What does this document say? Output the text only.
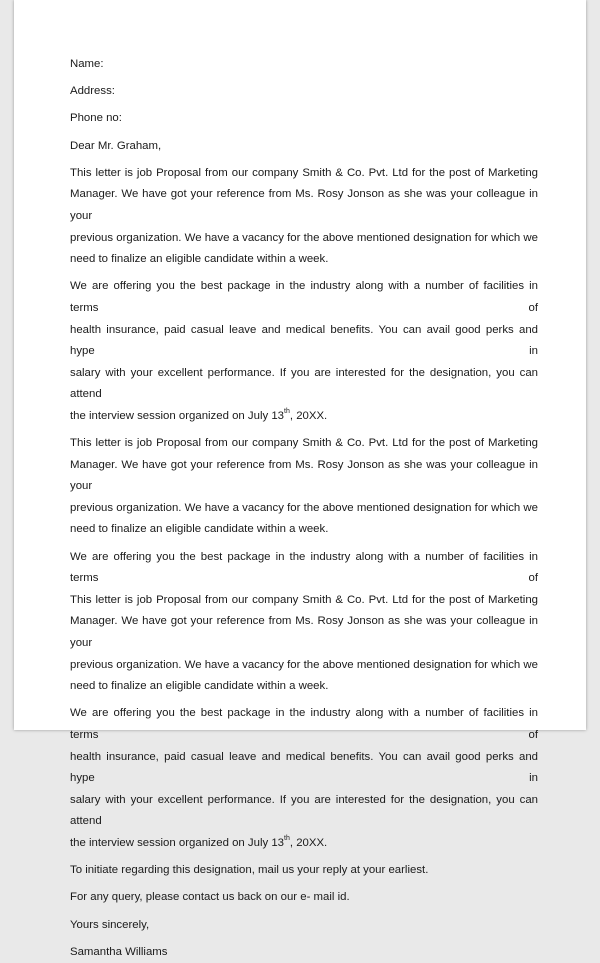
Name:
Address:
Phone no:
Dear Mr. Graham,
This letter is job Proposal from our company Smith & Co. Pvt. Ltd for the post of Marketing
Manager. We have got your reference from Ms. Rosy Jonson as she was your colleague in your
previous organization. We have a vacancy for the above mentioned designation for which we
need to finalize an eligible candidate within a week.
We are offering you the best package in the industry along with a number of facilities in terms of
health insurance, paid casual leave and medical benefits. You can avail good perks and hype in
salary with your excellent performance. If you are interested for the designation, you can attend
the interview session organized on July 13th, 20XX.
This letter is job Proposal from our company Smith & Co. Pvt. Ltd for the post of Marketing
Manager. We have got your reference from Ms. Rosy Jonson as she was your colleague in your
previous organization. We have a vacancy for the above mentioned designation for which we
need to finalize an eligible candidate within a week.
We are offering you the best package in the industry along with a number of facilities in terms of
This letter is job Proposal from our company Smith & Co. Pvt. Ltd for the post of Marketing
Manager. We have got your reference from Ms. Rosy Jonson as she was your colleague in your
previous organization. We have a vacancy for the above mentioned designation for which we
need to finalize an eligible candidate within a week.
We are offering you the best package in the industry along with a number of facilities in terms of
health insurance, paid casual leave and medical benefits. You can avail good perks and hype in
salary with your excellent performance. If you are interested for the designation, you can attend
the interview session organized on July 13th, 20XX.
To initiate regarding this designation, mail us your reply at your earliest.
For any query, please contact us back on our e- mail id.
Yours sincerely,
Samantha Williams
